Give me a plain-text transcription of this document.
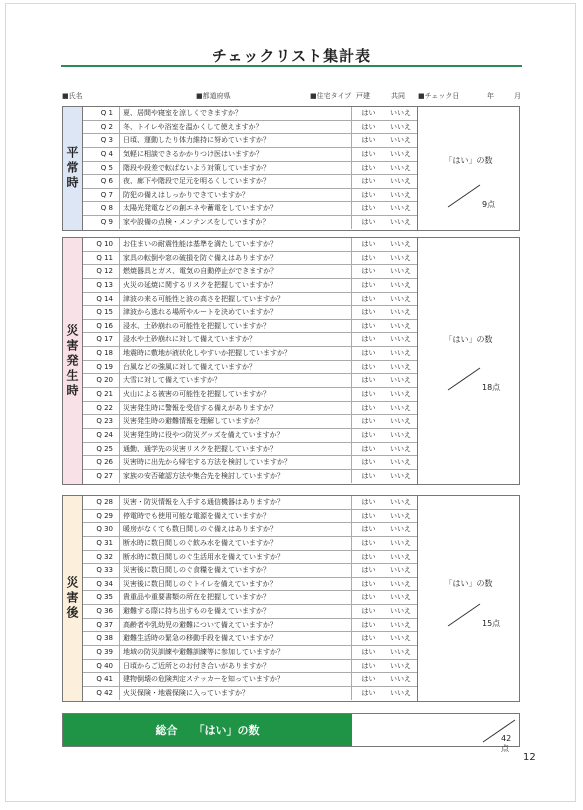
チェックリスト集計表
■氏名	■都道府県	■住宅タイプ 戸建	共同 ■チェック日	年	月
平常時
Q 1	夏、居間や寝室を涼しくできますか？	はい	いいえ
Q 2	冬、トイレや浴室を温かくして使えますか？	はい	いいえ
Q 3	日頃、運動したり体力維持に努めていますか？	はい	いいえ
Q 4	気軽に相談できるかかりつけ医はいますか？	はい	いいえ
Q 5	階段や段差で転ばないよう対策していますか？	はい	いいえ
Q 6	夜、廊下や階段で足元を明るくしていますか？	はい	いいえ
Q 7	防犯の備えはしっかりできていますか？	はい	いいえ
Q 8	太陽光発電などの創エネや蓄電をしていますか？	はい	いいえ
Q 9	家や設備の点検・メンテンスをしていますか？	はい	いいえ
「はい」の数
9点
災害発生時
Q 10	お住まいの耐震性能は基準を満たしていますか？	はい	いいえ
Q 11	家具の転倒や窓の破損を防ぐ備えはありますか？	はい	いいえ
Q 12	燃焼器具とガス、電気の自動停止ができますか？	はい	いいえ
Q 13	火災の延焼に関するリスクを把握していますか？	はい	いいえ
Q 14	津波の来る可能性と波の高さを把握していますか？	はい	いいえ
Q 15	津波から逃れる場所やルートを決めていますか？	はい	いいえ
Q 16	浸水、土砂崩れの可能性を把握していますか？	はい	いいえ
Q 17	浸水や土砂崩れに対して備えていますか？	はい	いいえ
Q 18	地震時に敷地が液状化しやすいか把握していますか？	はい	いいえ
Q 19	台風などの強風に対して備えていますか？	はい	いいえ
Q 20	大雪に対して備えていますか？	はい	いいえ
Q 21	火山による被害の可能性を把握していますか？	はい	いいえ
Q 22	災害発生時に警報を受信する備えがありますか？	はい	いいえ
Q 23	災害発生時の避難情報を理解していますか？	はい	いいえ
Q 24	災害発生時に役やつ防災グッズを備えていますか？	はい	いいえ
Q 25	通勤、通学先の災害リスクを把握していますか？	はい	いいえ
Q 26	災害時に出先から帰宅する方法を検討していますか？	はい	いいえ
Q 27	家族の安否確認方法や集合先を検討していますか？	はい	いいえ
「はい」の数
18点
災害後
Q 28	災害・防災情報を入手する通信機器はありますか？	はい	いいえ
Q 29	停電時でも使用可能な電源を備えていますか？	はい	いいえ
Q 30	暖房がなくても数日間しのぐ備えはありますか？	はい	いいえ
Q 31	断水時に数日間しのぐ飲み水を備えていますか？	はい	いいえ
Q 32	断水時に数日間しのぐ生活用水を備えていますか？	はい	いいえ
Q 33	災害後に数日間しのぐ食糧を備えていますか？	はい	いいえ
Q 34	災害後に数日間しのぐトイレを備えていますか？	はい	いいえ
Q 35	貴重品や重要書類の所在を把握していますか？	はい	いいえ
Q 36	避難する際に持ち出すものを備えていますか？	はい	いいえ
Q 37	高齢者や乳幼児の避難について備えていますか？	はい	いいえ
Q 38	避難生活時の緊急の移動手段を備えていますか？	はい	いいえ
Q 39	地域の防災訓練や避難訓練等に参加していますか？	はい	いいえ
Q 40	日頃からご近所とのお付き合いがありますか？	はい	いいえ
Q 41	建物倒壊の危険判定ステッカーを知っていますか？	はい	いいえ
Q 42	火災保険・地震保険に入っていますか？	はい	いいえ
「はい」の数
15点
総合 「はい」の数
42点
12
